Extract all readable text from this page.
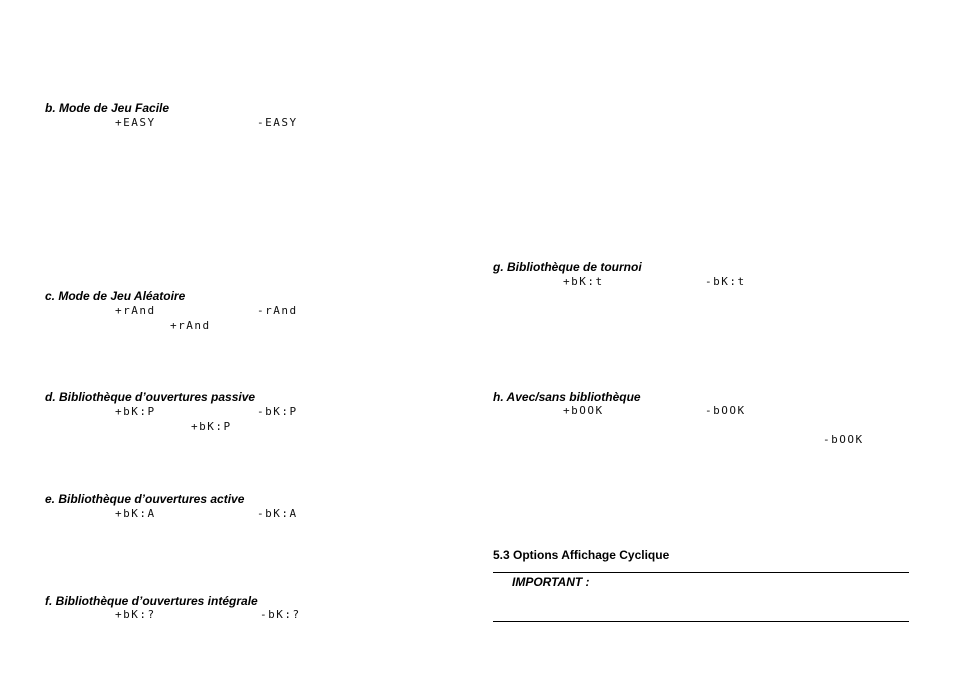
b. Mode de Jeu Facile
+EASY	-EASY
c. Mode de Jeu Aléatoire
+rAnd	-rAnd
+rAnd
d. Bibliothèque d’ouvertures passive
+bK:P	-bK:P
+bK:P
e. Bibliothèque d’ouvertures active
+bK:A	-bK:A
f. Bibliothèque d’ouvertures intégrale
+bK:?	-bK:?
g. Bibliothèque de tournoi
+bK:t	-bK:t
h. Avec/sans bibliothèque
+bOOK	-bOOK
-bOOK
5.3 Options Affichage Cyclique
IMPORTANT :
